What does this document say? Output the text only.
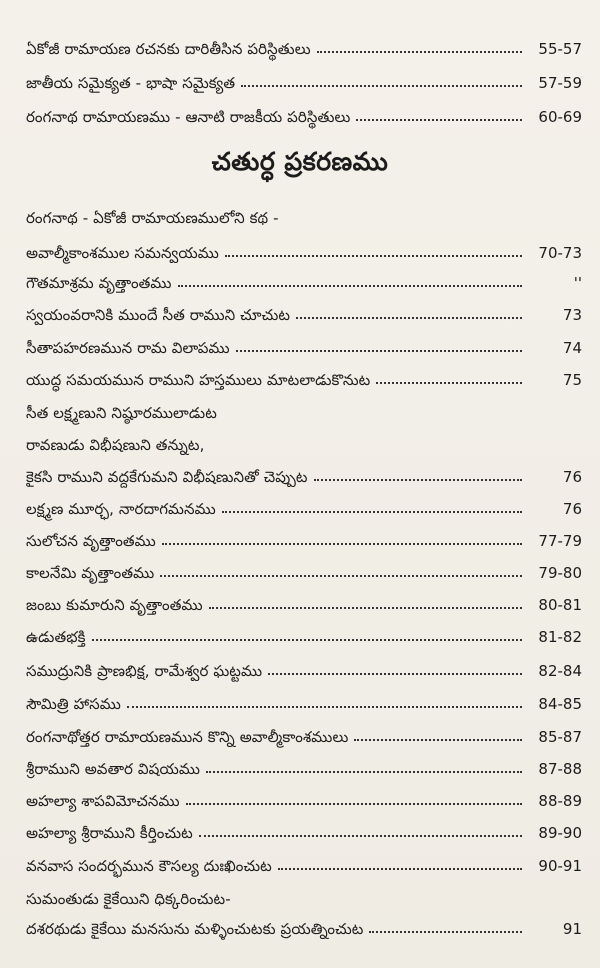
ఏకోజీ రామాయణ రచనకు దారితీసిన పరిస్థితులు	55-57
జాతీయ సమైక్యత - భాషా సమైక్యత	57-59
రంగనాథ రామాయణము - ఆనాటి రాజకీయ పరిస్థితులు	60-69
చతుర్ధ ప్రకరణము
రంగనాథ - ఏకోజీ రామాయణములోని కథ -
అవాల్మీకాంశముల సమన్వయము	70-73
గౌతమాశ్రమ వృత్తాంతము	''
స్వయంవరానికి ముందే సీత రాముని చూచుట	73
సీతాపహరణమున రామ విలాపము	74
యుద్ధ సమయమున రాముని హస్తములు మాటలాడుకొనుట	75
సీత లక్ష్మణుని నిష్ఠూరములాడుట
రావణుడు విభీషణుని తన్నుట,
కైకసి రాముని వద్దకేగుమని విభీషణునితో చెప్పుట	76
లక్ష్మణ మూర్ఛ, నారదాగమనము	76
సులోచన వృత్తాంతము	77-79
కాలనేమి వృత్తాంతము	79-80
జంబు కుమారుని వృత్తాంతము	80-81
ఉడుతభక్తి	81-82
సముద్రునికి ప్రాణభిక్ష, రామేశ్వర ఘట్టము	82-84
సౌమిత్రి హాసము	84-85
రంగనాథోత్తర రామాయణమున కొన్ని అవాల్మీకాంశములు	85-87
శ్రీరాముని అవతార విషయము	87-88
అహల్యా శాపవిమోచనము	88-89
అహల్యా శ్రీరాముని కీర్తించుట	89-90
వనవాస సందర్భమున కౌసల్య దుఃఖించుట	90-91
సుమంతుడు కైకేయిని ధిక్కరించుట-
దశరథుడు కైకేయి మనసును మళ్ళించుటకు ప్రయత్నించుట	91
